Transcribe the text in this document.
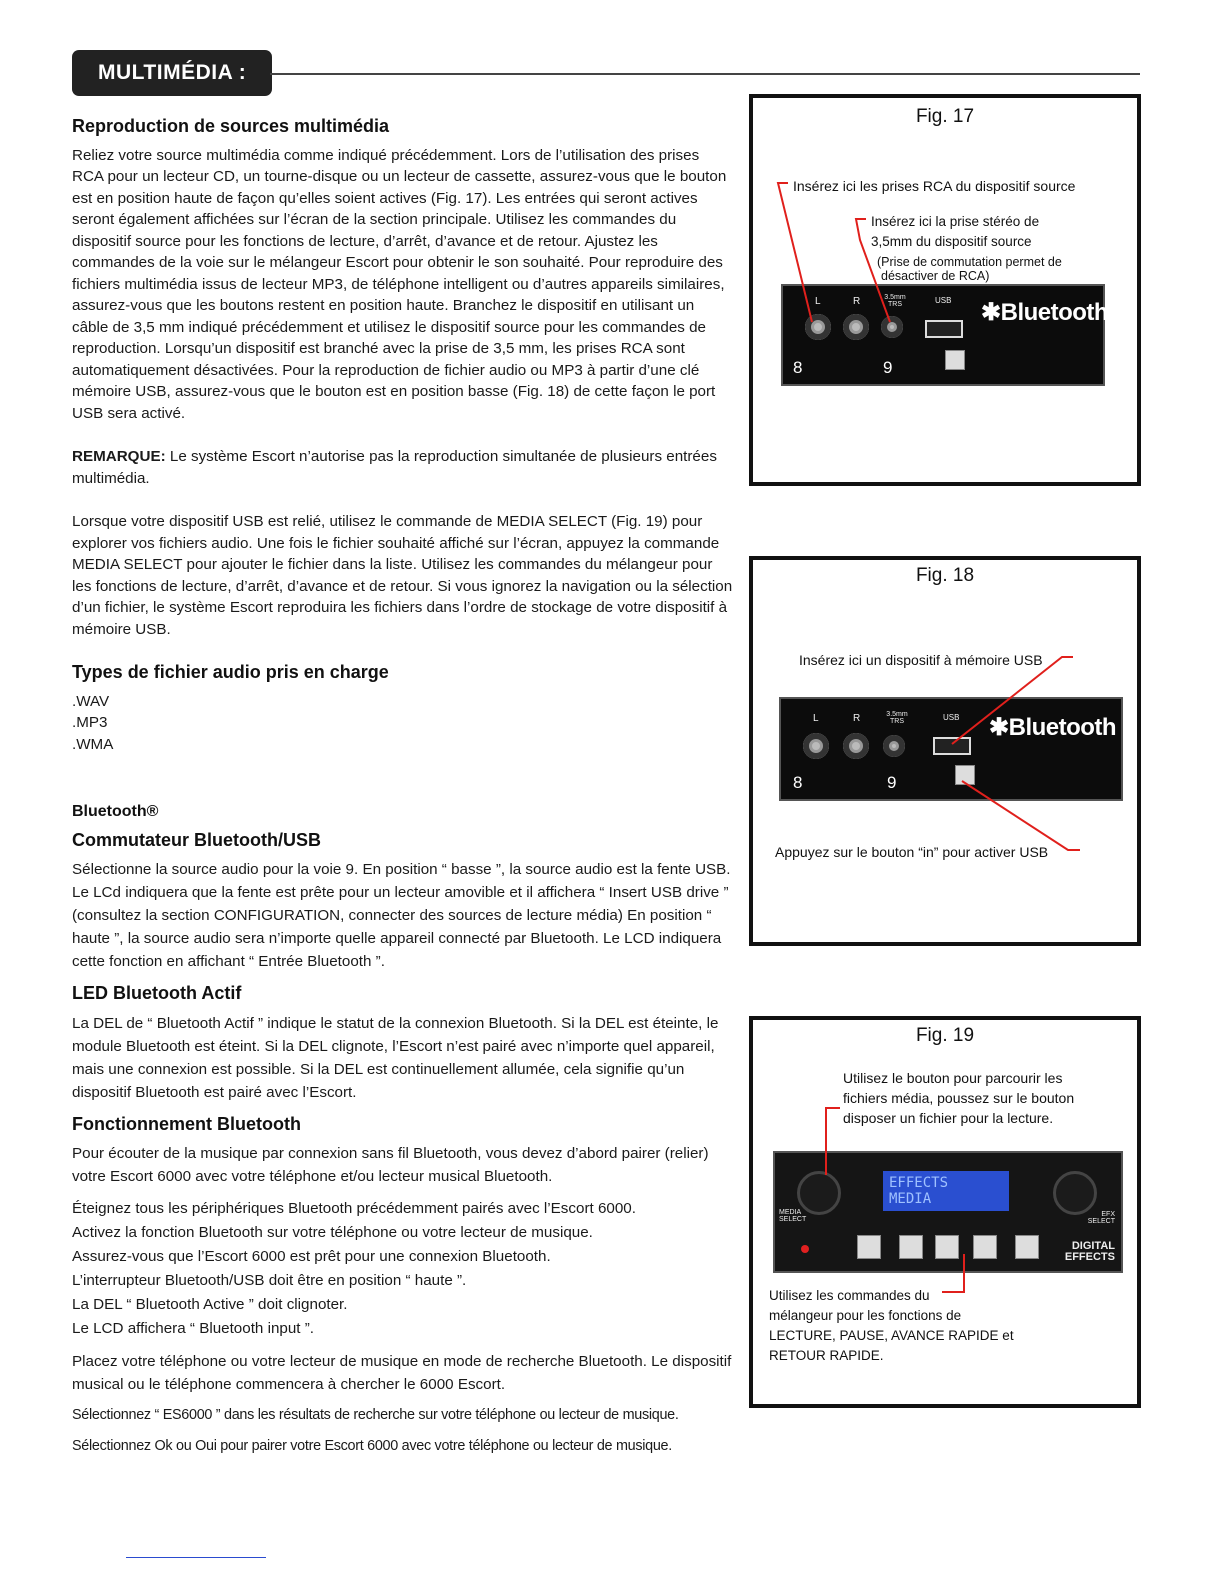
MULTIMÉDIA :
Reproduction de sources multimédia

Reliez votre source multimédia comme indiqué précédemment. Lors de l’utilisation des prises RCA pour un lecteur CD, un tourne-disque ou un lecteur de cassette, assurez-vous que le bouton est en position haute de façon qu’elles soient actives (Fig. 17). Les entrées qui seront actives seront également affichées sur l’écran de la section principale. Utilisez les commandes du dispositif source pour les fonctions de lecture, d’arrêt, d’avance et de retour. Ajustez les commandes de la voie sur le mélangeur Escort pour obtenir le son souhaité. Pour reproduire des fichiers multimédia issus de lecteur MP3, de téléphone intelligent ou d’autres appareils similaires, assurez-vous que les boutons restent en position haute. Branchez le dispositif en utilisant un câble de 3,5 mm indiqué précédemment et utilisez le dispositif source pour les commandes de reproduction. Lorsqu’un dispositif est branché avec la prise de 3,5 mm, les prises RCA sont automatiquement désactivées. Pour la reproduction de fichier audio ou MP3 à partir d’une clé mémoire USB, assurez-vous que le bouton est en position basse (Fig. 18) de cette façon le port USB sera activé.

REMARQUE: Le système Escort n’autorise pas la reproduction simultanée de plusieurs entrées multimédia.

Lorsque votre dispositif USB est relié, utilisez le commande de MEDIA SELECT (Fig. 19) pour explorer vos fichiers audio. Une fois le fichier souhaité affiché sur l’écran, appuyez la commande MEDIA SELECT pour ajouter le fichier dans la liste. Utilisez les commandes du mélangeur pour les fonctions de lecture, d’arrêt, d’avance et de retour. Si vous ignorez la navigation ou la sélection d’un fichier, le système Escort reproduira les fichiers dans l’ordre de stockage de votre dispositif à mémoire USB.

Types de fichier audio pris en charge

.WAV
.MP3
.WMA

Bluetooth®
Commutateur Bluetooth/USB

Sélectionne la source audio pour la voie 9. En position “ basse ”, la source audio est la fente USB. Le LCd indiquera que la fente est prête pour un lecteur amovible et il affichera “ Insert USB drive ” (consultez la section CONFIGURATION, connecter des sources de lecture média) En position “ haute ”, la source audio sera n’importe quelle appareil connecté par Bluetooth. Le LCD indiquera cette fonction en affichant “ Entrée Bluetooth ”.

LED Bluetooth Actif

La DEL de “ Bluetooth Actif ” indique le statut de la connexion Bluetooth. Si la DEL est éteinte, le module Bluetooth est éteint. Si la DEL clignote, l’Escort n’est pairé avec n’importe quel appareil, mais une connexion est possible. Si la DEL est continuellement allumée, cela signifie qu’un dispositif Bluetooth est pairé avec l’Escort.

Fonctionnement Bluetooth

Pour écouter de la musique par connexion sans fil Bluetooth, vous devez d’abord pairer (relier) votre Escort 6000 avec votre téléphone et/ou lecteur musical Bluetooth.

Éteignez tous les périphériques Bluetooth précédemment pairés avec l’Escort 6000.
Activez la fonction Bluetooth sur votre téléphone ou votre lecteur de musique.
Assurez-vous que l’Escort 6000 est prêt pour une connexion Bluetooth.
L’interrupteur Bluetooth/USB doit être en position “ haute ”.
La DEL “ Bluetooth Active ” doit clignoter.
Le LCD affichera “ Bluetooth input ”.

Placez votre téléphone ou votre lecteur de musique en mode de recherche Bluetooth. Le dispositif musical ou le téléphone commencera à chercher le 6000 Escort.

Sélectionnez “ ES6000 ” dans les résultats de recherche sur votre téléphone ou lecteur de musique.

Sélectionnez Ok ou Oui pour pairer votre Escort 6000 avec votre téléphone ou lecteur de musique.

Fig. 17
Insérez ici les prises RCA du dispositif source
Insérez ici la prise stéréo de
3,5mm du dispositif source
(Prise de commutation permet de
désactiver de RCA)
L	R	3.5mm TRS	USB ✱Bluetooth
8	9
Fig. 18
Insérez ici un dispositif à mémoire USB
L	R	3.5mm TRS	USB ✱Bluetooth
8	9
Appuyez sur le bouton “in” pour activer USB
Fig. 19
Utilisez le bouton pour parcourir les
fichiers média, poussez sur le bouton
disposer un fichier pour la lecture.
MEDIA SELECT
EFFECTS
MEDIA
EFX SELECT
DIGITAL EFFECTS
Utilisez les commandes du
mélangeur pour les fonctions de
LECTURE, PAUSE, AVANCE RAPIDE et
RETOUR RAPIDE.
